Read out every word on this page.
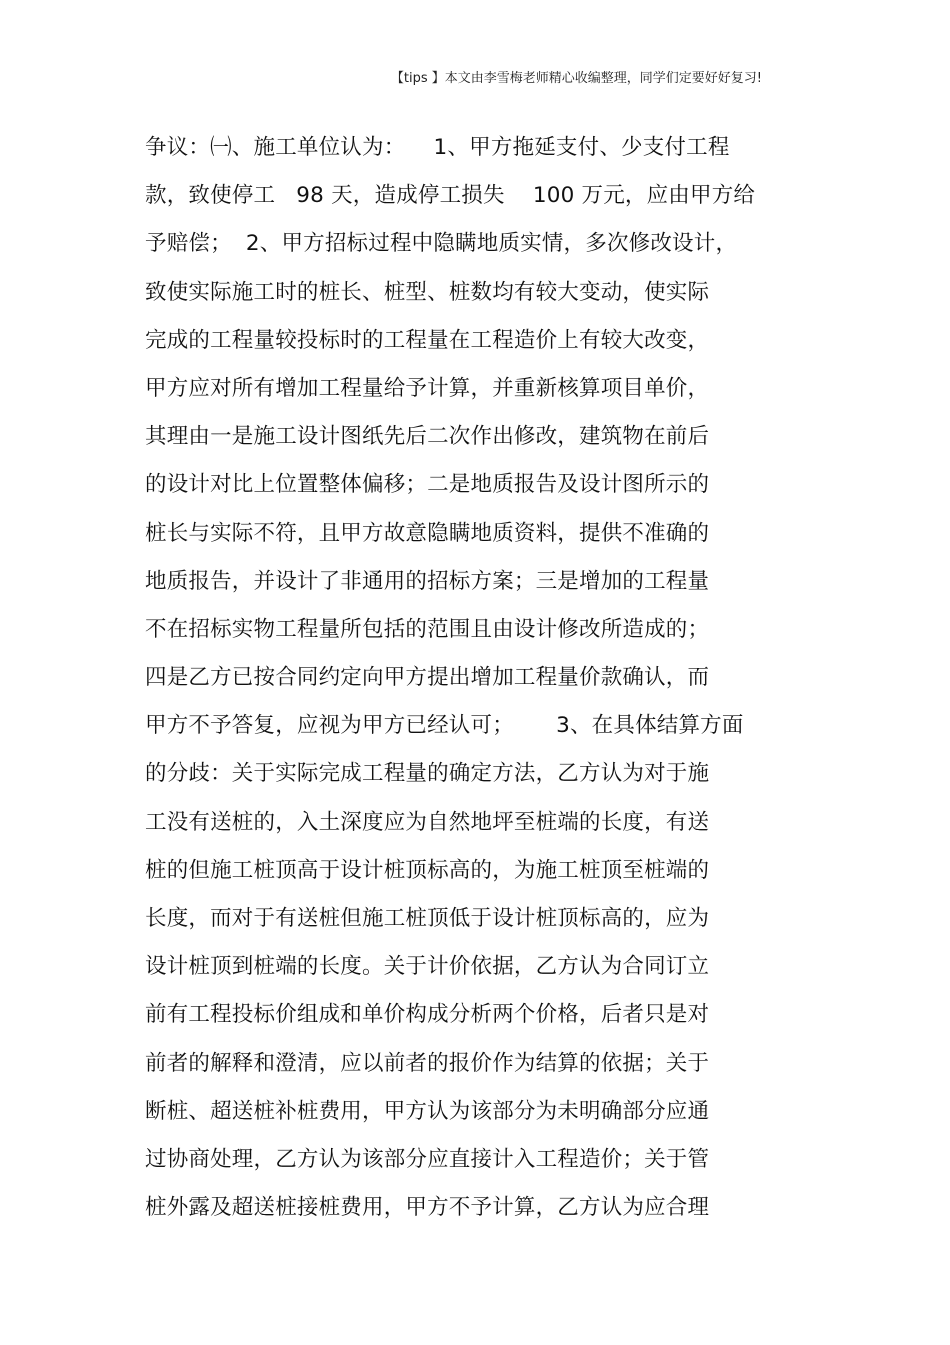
【tips 】本文由李雪梅老师精心收编整理，同学们定要好好复习!
争议：㈠、施工单位认为：    1、甲方拖延支付、少支付工程
款，致使停工   98 天，造成停工损失    100 万元，应由甲方给
予赔偿；  2、甲方招标过程中隐瞒地质实情，多次修改设计，
致使实际施工时的桩长、桩型、桩数均有较大变动，使实际
完成的工程量较投标时的工程量在工程造价上有较大改变，
甲方应对所有增加工程量给予计算，并重新核算项目单价，
其理由一是施工设计图纸先后二次作出修改，建筑物在前后
的设计对比上位置整体偏移；二是地质报告及设计图所示的
桩长与实际不符，且甲方故意隐瞒地质资料，提供不准确的
地质报告，并设计了非通用的招标方案；三是增加的工程量
不在招标实物工程量所包括的范围且由设计修改所造成的；
四是乙方已按合同约定向甲方提出增加工程量价款确认，而
甲方不予答复，应视为甲方已经认可；      3、在具体结算方面
的分歧：关于实际完成工程量的确定方法，乙方认为对于施
工没有送桩的，入土深度应为自然地坪至桩端的长度，有送
桩的但施工桩顶高于设计桩顶标高的，为施工桩顶至桩端的
长度，而对于有送桩但施工桩顶低于设计桩顶标高的，应为
设计桩顶到桩端的长度。关于计价依据，乙方认为合同订立
前有工程投标价组成和单价构成分析两个价格，后者只是对
前者的解释和澄清，应以前者的报价作为结算的依据；关于
断桩、超送桩补桩费用，甲方认为该部分为未明确部分应通
过协商处理，乙方认为该部分应直接计入工程造价；关于管
桩外露及超送桩接桩费用，甲方不予计算，乙方认为应合理
